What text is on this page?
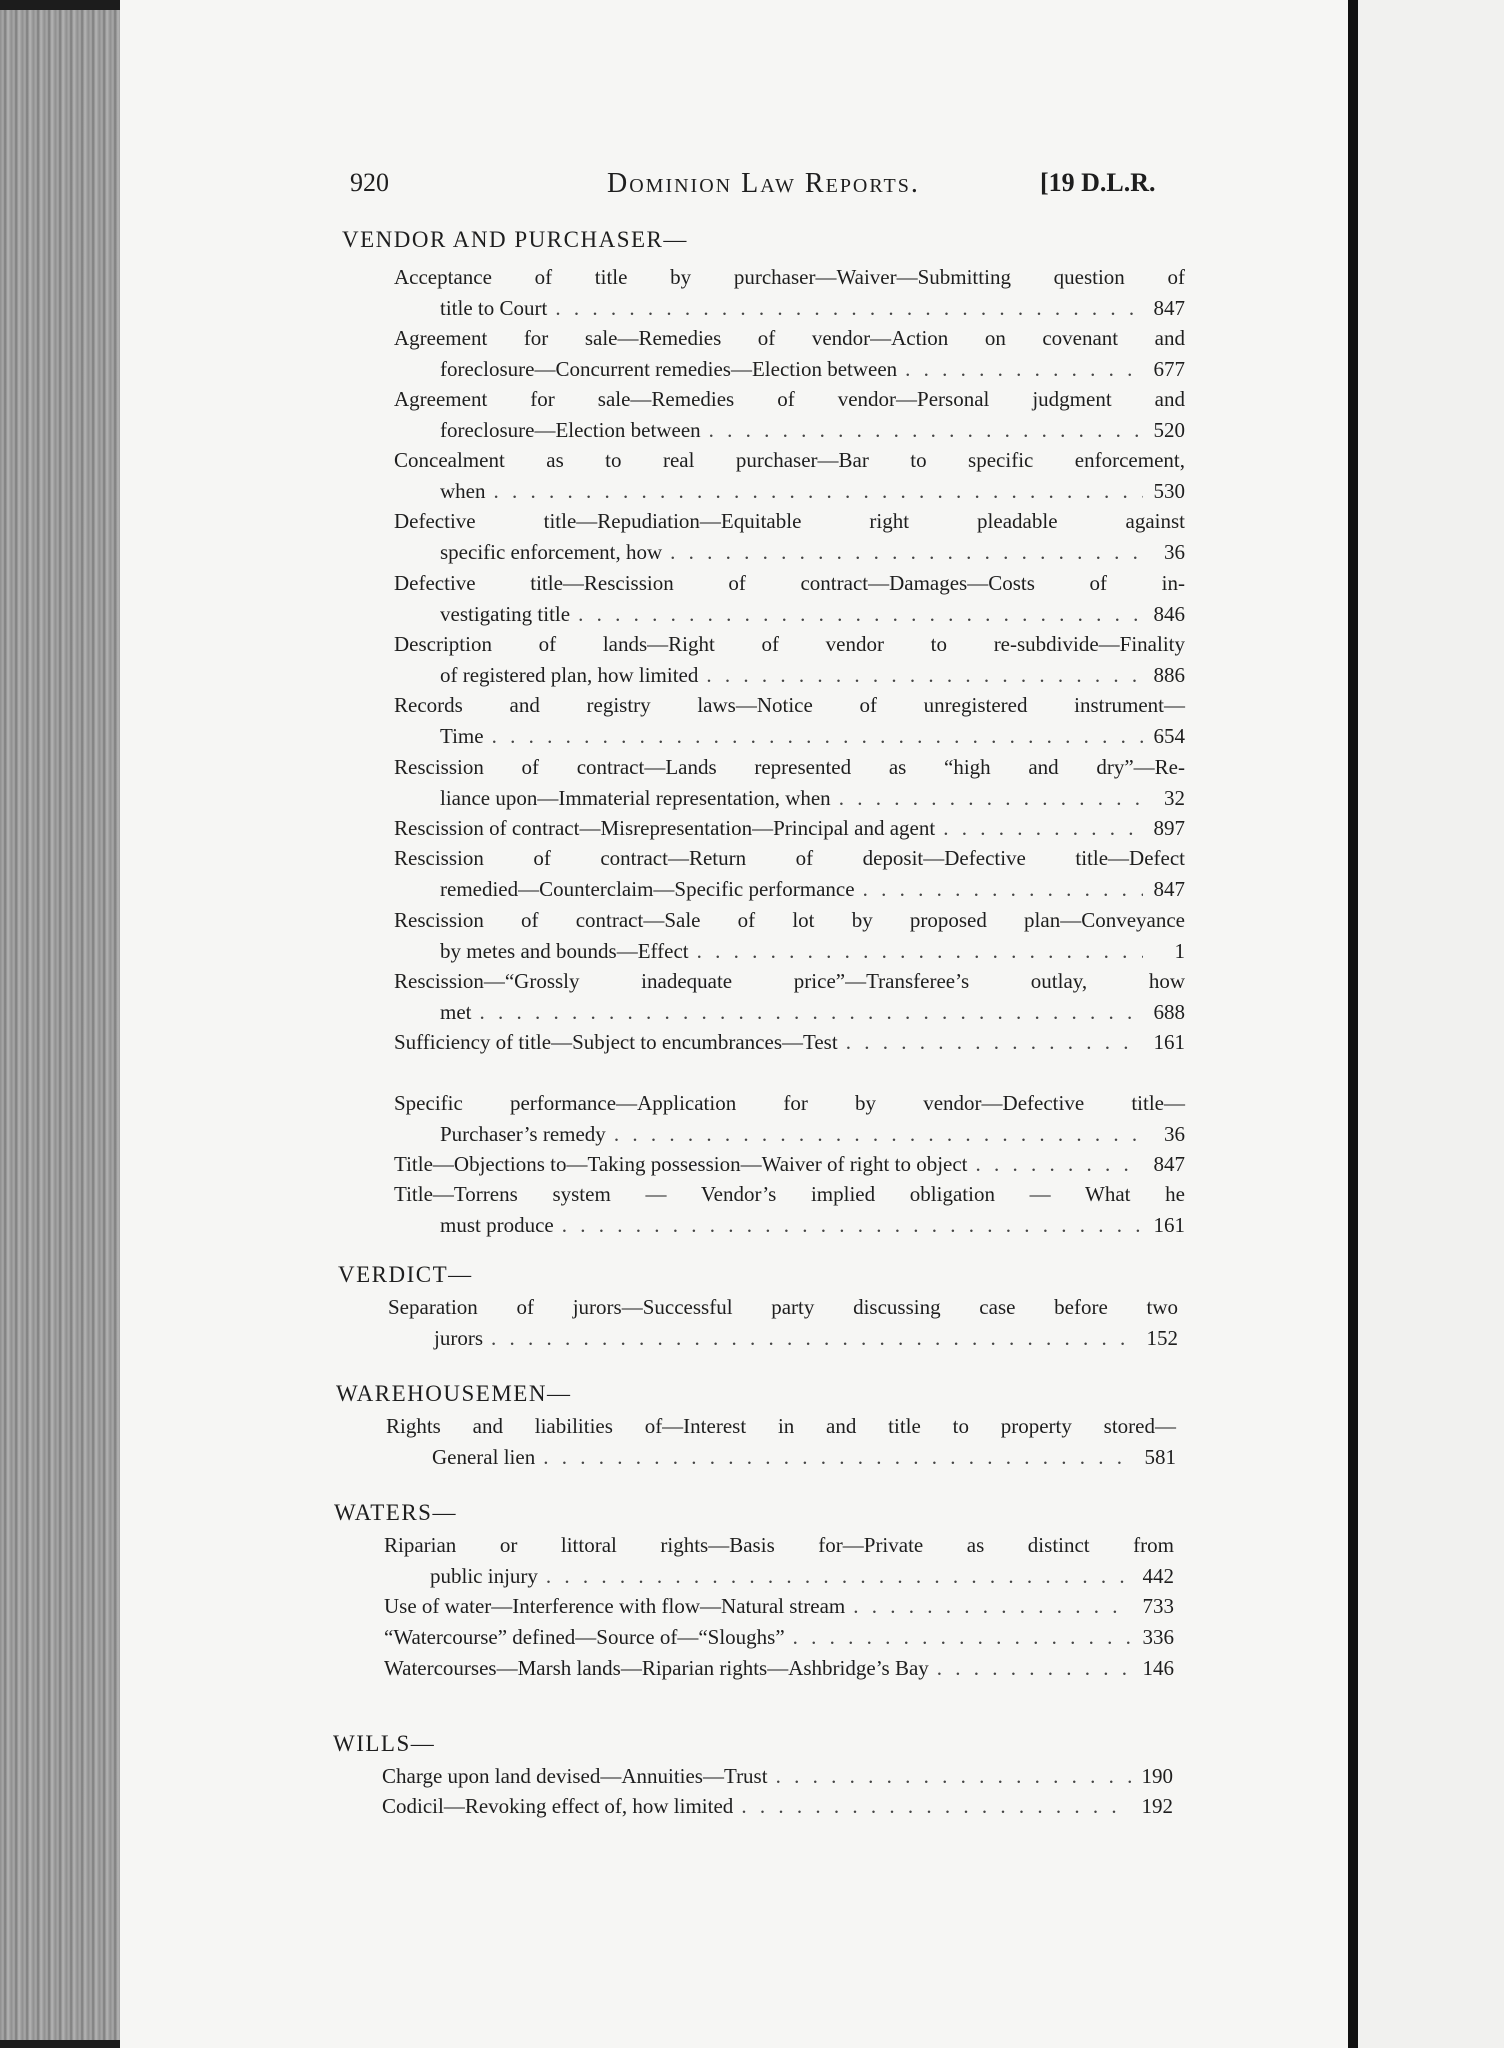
920	Dominion Law Reports.	[19 D.L.R.
VENDOR AND PURCHASER—
Acceptance of title by purchaser—Waiver—Submitting question of
title to Court . . .	847
Agreement for sale—Remedies of vendor—Action on covenant and
foreclosure—Concurrent remedies—Election between . . .	677
Agreement for sale—Remedies of vendor—Personal judgment and
foreclosure—Election between . . .	520
Concealment as to real purchaser—Bar to specific enforcement,
when . . .	530
Defective title—Repudiation—Equitable right pleadable against
specific enforcement, how . . .	36
Defective title—Rescission of contract—Damages—Costs of in-
vestigating title . . .	846
Description of lands—Right of vendor to re-subdivide—Finality
of registered plan, how limited . . .	886
Records and registry laws—Notice of unregistered instrument—
Time . . .	654
Rescission of contract—Lands represented as “high and dry”—Re-
liance upon—Immaterial representation, when . . .	32
Rescission of contract—Misrepresentation—Principal and agent . . .	897
Rescission of contract—Return of deposit—Defective title—Defect
remedied—Counterclaim—Specific performance . . .	847
Rescission of contract—Sale of lot by proposed plan—Conveyance
by metes and bounds—Effect . . .	1
Rescission—“Grossly inadequate price”—Transferee’s outlay, how
met . . .	688
Sufficiency of title—Subject to encumbrances—Test . . .	161
Specific performance—Application for by vendor—Defective title—
Purchaser’s remedy . . .	36
Title—Objections to—Taking possession—Waiver of right to object . . .	847
Title—Torrens system — Vendor’s implied obligation — What he
must produce . . .	161
VERDICT—
Separation of jurors—Successful party discussing case before two
jurors . . .	152
WAREHOUSEMEN—
Rights and liabilities of—Interest in and title to property stored—
General lien . . .	581
WATERS—
Riparian or littoral rights—Basis for—Private as distinct from
public injury . . .	442
Use of water—Interference with flow—Natural stream . . .	733
“Watercourse” defined—Source of—“Sloughs” . . .	336
Watercourses—Marsh lands—Riparian rights—Ashbridge’s Bay . . .	146
WILLS—
Charge upon land devised—Annuities—Trust . . .	190
Codicil—Revoking effect of, how limited . . .	192
